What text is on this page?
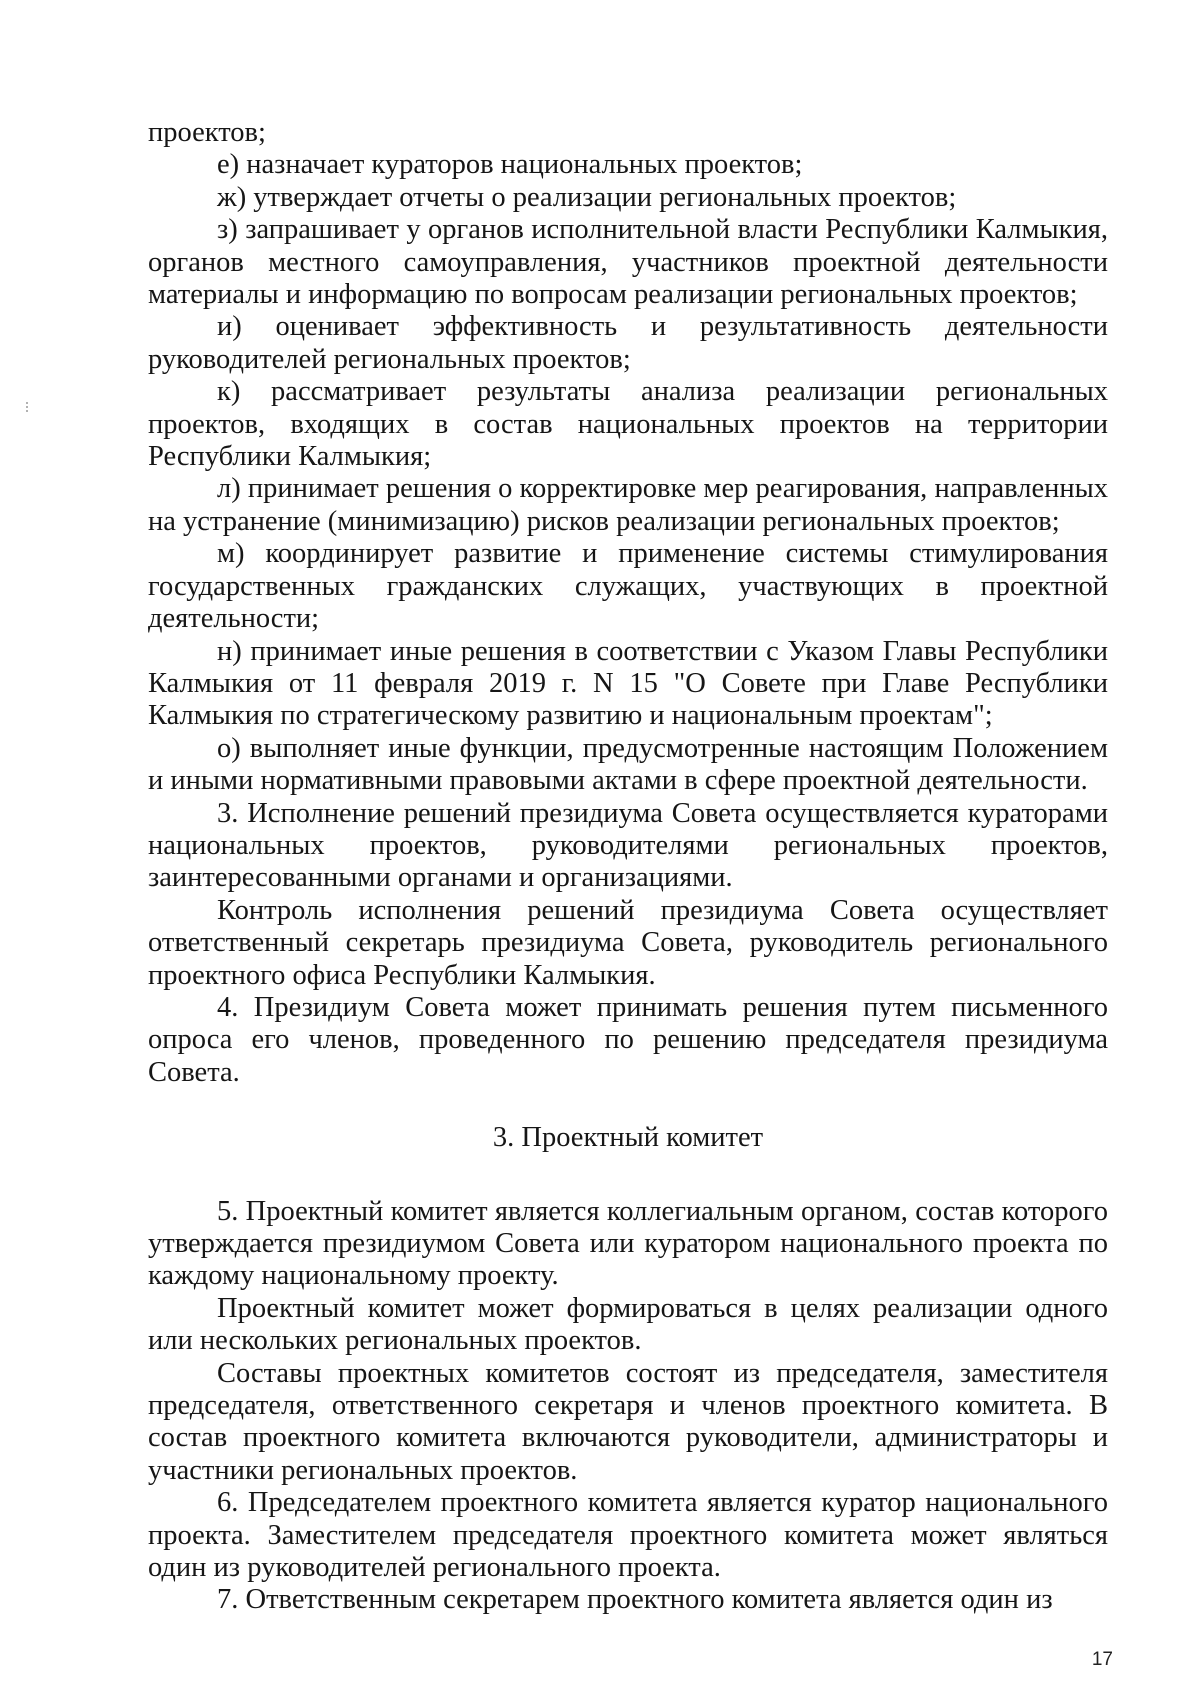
проектов;

е) назначает кураторов национальных проектов;

ж) утверждает отчеты о реализации региональных проектов;

з) запрашивает у органов исполнительной власти Республики Калмыкия, органов местного самоуправления, участников проектной деятельности материалы и информацию по вопросам реализации региональных проектов;

и) оценивает эффективность и результативность деятельности руководителей региональных проектов;

к) рассматривает результаты анализа реализации региональных проектов, входящих в состав национальных проектов на территории Республики Калмыкия;

л) принимает решения о корректировке мер реагирования, направленных на устранение (минимизацию) рисков реализации региональных проектов;

м) координирует развитие и применение системы стимулирования государственных гражданских служащих, участвующих в проектной деятельности;

н) принимает иные решения в соответствии с Указом Главы Республики Калмыкия от 11 февраля 2019 г. N 15 "О Совете при Главе Республики Калмыкия по стратегическому развитию и национальным проектам";

о) выполняет иные функции, предусмотренные настоящим Положением и иными нормативными правовыми актами в сфере проектной деятельности.

3. Исполнение решений президиума Совета осуществляется кураторами национальных проектов, руководителями региональных проектов, заинтересованными органами и организациями.

Контроль исполнения решений президиума Совета осуществляет ответственный секретарь президиума Совета, руководитель регионального проектного офиса Республики Калмыкия.

4. Президиум Совета может принимать решения путем письменного опроса его членов, проведенного по решению председателя президиума Совета.

3. Проектный комитет

5. Проектный комитет является коллегиальным органом, состав которого утверждается президиумом Совета или куратором национального проекта по каждому национальному проекту.

Проектный комитет может формироваться в целях реализации одного или нескольких региональных проектов.

Составы проектных комитетов состоят из председателя, заместителя председателя, ответственного секретаря и членов проектного комитета. В состав проектного комитета включаются руководители, администраторы и участники региональных проектов.

6. Председателем проектного комитета является куратор национального проекта. Заместителем председателя проектного комитета может являться один из руководителей регионального проекта.

7. Ответственным секретарем проектного комитета является один из

17
